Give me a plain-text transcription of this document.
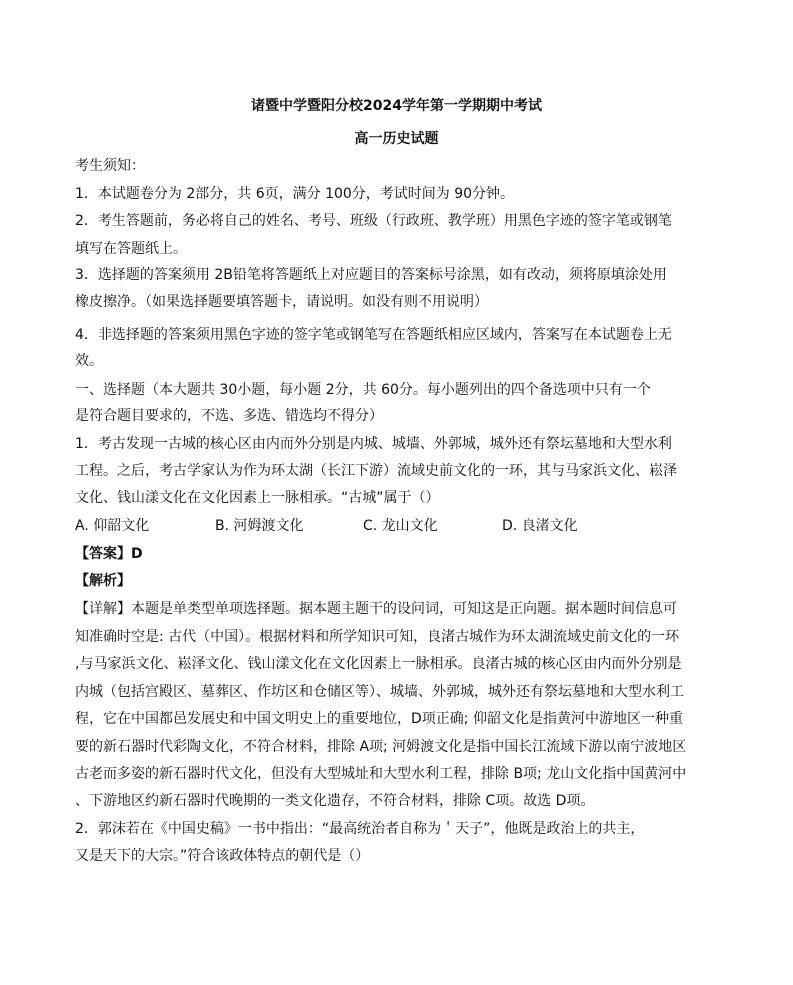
诸暨中学暨阳分校2024学年第一学期期中考试
高一历史试题
考生须知：
1．本试题卷分为 2部分，共 6页，满分 100分，考试时间为 90分钟。
2．考生答题前，务必将自己的姓名、考号、班级（行政班、教学班）用黑色字迹的签字笔或钢笔
填写在答题纸上。
3．选择题的答案须用 2B铅笔将答题纸上对应题目的答案标号涂黑，如有改动，须将原填涂处用
橡皮擦净。（如果选择题要填答题卡，请说明。如没有则不用说明）
4．非选择题的答案须用黑色字迹的签字笔或钢笔写在答题纸相应区域内，答案写在本试题卷上无
效。
一、选择题（本大题共 30小题，每小题 2分，共 60分。每小题列出的四个备选项中只有一个
是符合题目要求的，不选、多选、错选均不得分）
1．考古发现一古城的核心区由内而外分别是内城、城墙、外郭城，城外还有祭坛墓地和大型水利
工程。之后，考古学家认为作为环太湖（长江下游）流域史前文化的一环，其与马家浜文化、崧泽
文化、钱山漾文化在文化因素上一脉相承。“古城”属于（）
A. 仰韶文化	B. 河姆渡文化	C. 龙山文化	D. 良渚文化
【答案】D
【解析】
【详解】本题是单类型单项选择题。据本题主题干的设问词，可知这是正向题。据本题时间信息可
知准确时空是: 古代（中国）。根据材料和所学知识可知，良渚古城作为环太湖流域史前文化的一环
,与马家浜文化、崧泽文化、钱山漾文化在文化因素上一脉相承。良渚古城的核心区由内而外分别是
内城（包括宫殿区、墓葬区、作坊区和仓储区等）、城墙、外郭城，城外还有祭坛墓地和大型水利工
程，它在中国都邑发展史和中国文明史上的重要地位，D项正确; 仰韶文化是指黄河中游地区一种重
要的新石器时代彩陶文化，不符合材料，排除 A项; 河姆渡文化是指中国长江流域下游以南宁波地区
古老而多姿的新石器时代文化，但没有大型城址和大型水利工程，排除 B项; 龙山文化指中国黄河中
、下游地区约新石器时代晚期的一类文化遗存，不符合材料，排除 C项。故选 D项。
2．郭沫若在《中国史稿》一书中指出：“最高统治者自称为＇天子”，他既是政治上的共主，
又是天下的大宗。”符合该政体特点的朝代是（）
